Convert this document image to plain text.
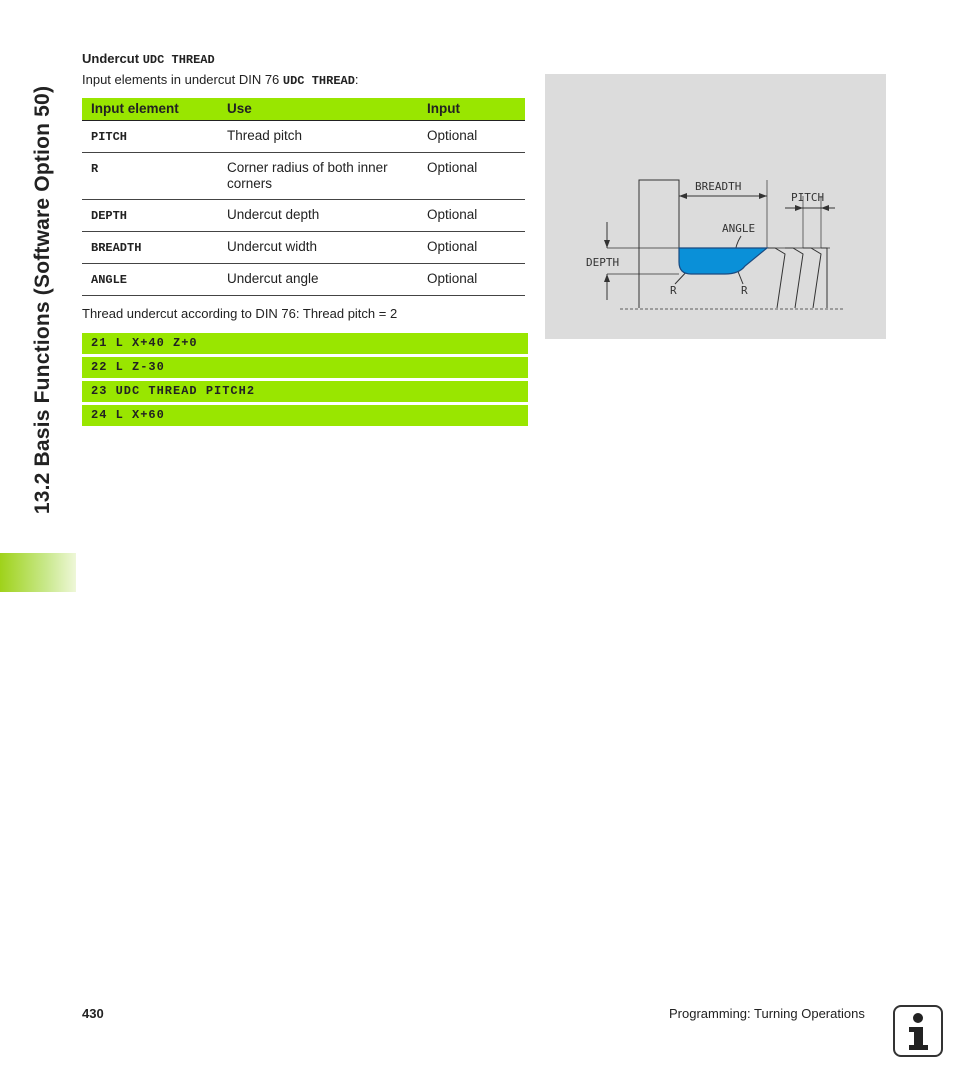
13.2 Basis Functions (Software Option 50)
Undercut UDC THREAD
Input elements in undercut DIN 76 UDC THREAD:
Input element	Use	Input
PITCH	Thread pitch	Optional
R	Corner radius of both inner corners	Optional
DEPTH	Undercut depth	Optional
BREADTH	Undercut width	Optional
ANGLE	Undercut angle	Optional
Thread undercut according to DIN 76: Thread pitch = 2
21 L X+40 Z+0
22 L Z-30
23 UDC THREAD PITCH2
24 L X+60
BREADTH
PITCH
ANGLE
DEPTH
R	R
430	Programming: Turning Operations
